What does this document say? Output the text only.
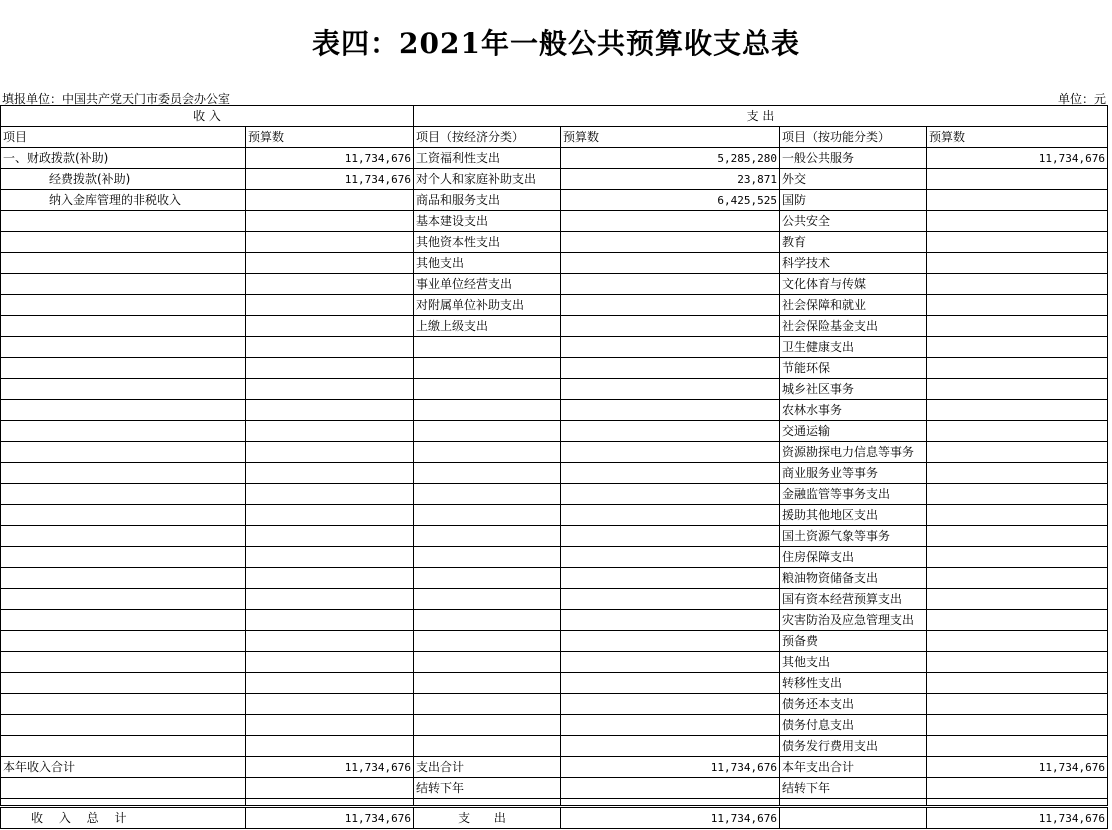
表四：2021年一般公共预算收支总表
填报单位：中国共产党天门市委员会办公室	单位：元
收 入		支 出			
项目	预算数	项目（按经济分类）	预算数	项目（按功能分类）	预算数
一、财政拨款(补助)	11,734,676	工资福利性支出	5,285,280	一般公共服务	11,734,676
经费拨款(补助)	11,734,676	对个人和家庭补助支出	23,871	外交	
纳入金库管理的非税收入		商品和服务支出	6,425,525	国防	
		基本建设支出		公共安全	
		其他资本性支出		教育	
		其他支出		科学技术	
		事业单位经营支出		文化体育与传媒	
		对附属单位补助支出		社会保障和就业	
		上缴上级支出		社会保险基金支出	
				卫生健康支出	
				节能环保	
				城乡社区事务	
				农林水事务	
				交通运输	
				资源勘探电力信息等事务	
				商业服务业等事务	
				金融监管等事务支出	
				援助其他地区支出	
				国土资源气象等事务	
				住房保障支出	
				粮油物资储备支出	
				国有资本经营预算支出	
				灾害防治及应急管理支出	
				预备费	
				其他支出	
				转移性支出	
				债务还本支出	
				债务付息支出	
				债务发行费用支出	
本年收入合计	11,734,676	支出合计	11,734,676	本年支出合计	11,734,676
		结转下年		结转下年	

收 入 总 计	11,734,676	支 出	11,734,676		11,734,676
